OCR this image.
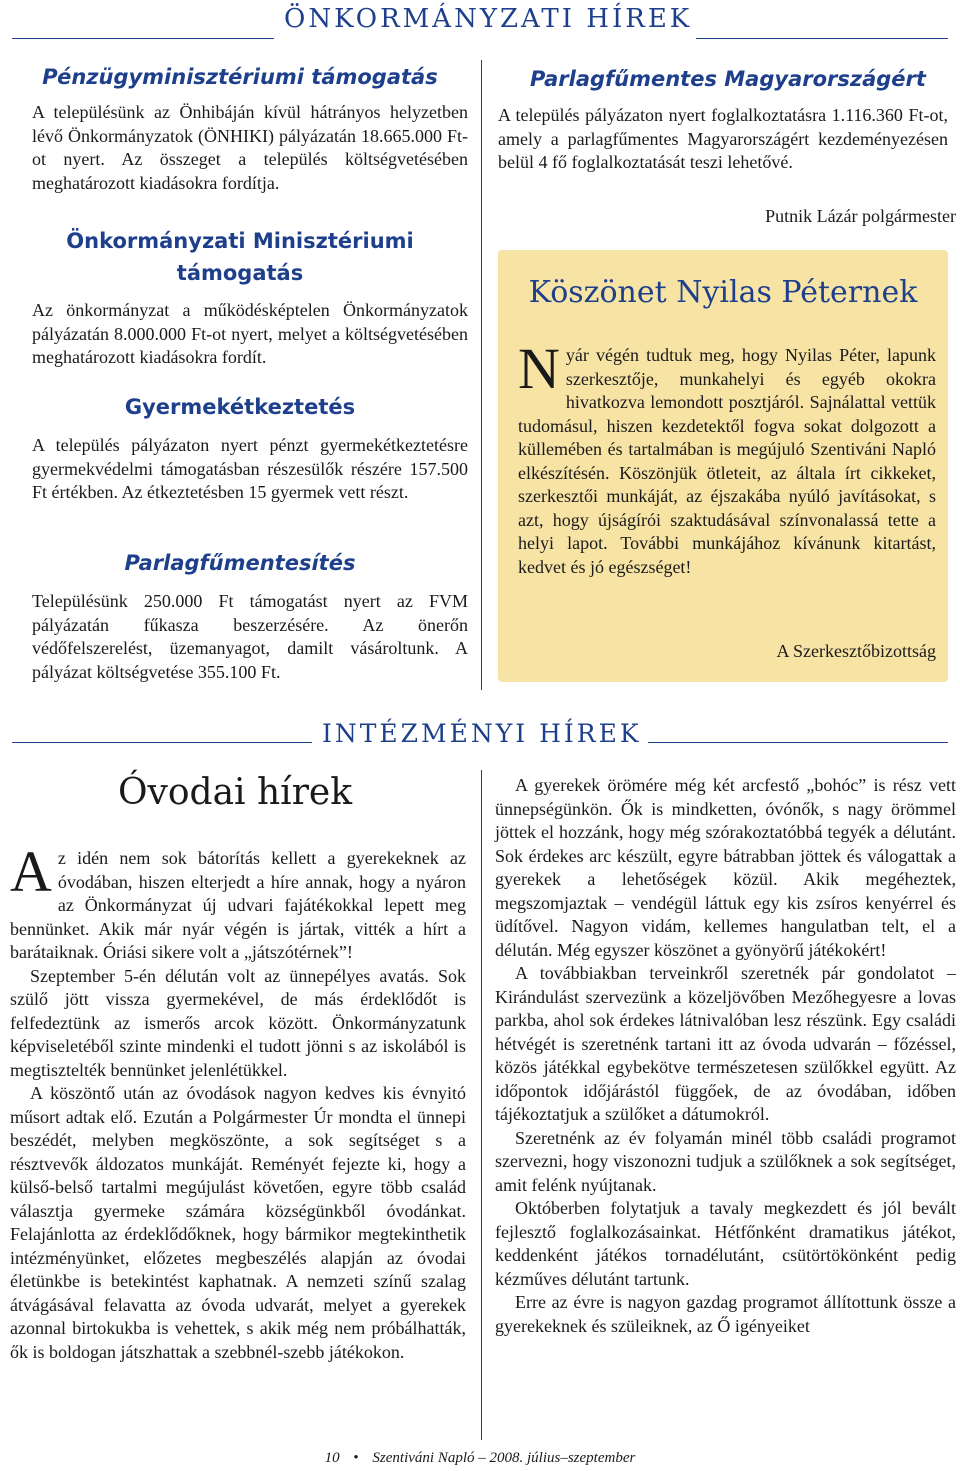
ÖNKORMÁNYZATI HÍREK
Pénzügyminisztériumi támogatás
A településünk az Önhibáján kívül hátrányos helyzetben lévő Önkormányzatok (ÖNHIKI) pályázatán 18.665.000 Ft-ot nyert. Az összeget a település költségvetésében meghatározott kiadásokra fordítja.
Önkormányzati Minisztériumi
támogatás
Az önkormányzat a működésképtelen Önkormányzatok pályázatán 8.000.000 Ft-ot nyert, melyet a költségvetésében meghatározott kiadásokra fordít.
Gyermekétkeztetés
A település pályázaton nyert pénzt gyermekétkeztetésre gyermekvédelmi támogatásban részesülők részére 157.500 Ft értékben. Az étkeztetésben 15 gyermek vett részt.
Parlagfűmentesítés
Településünk 250.000 Ft támogatást nyert az FVM pályázatán fűkasza beszerzésére. Az önerőn védőfelszerelést, üzemanyagot, damilt vásároltunk. A pályázat költségvetése 355.100 Ft.
Parlagfűmentes Magyarországért
A település pályázaton nyert foglalkoztatásra 1.116.360 Ft-ot, amely a parlagfűmentes Magyarországért kezdeményezésen belül 4 fő foglalkoztatását teszi lehetővé.
Putnik Lázár polgármester
Köszönet Nyilas Péternek
Nyár végén tudtuk meg, hogy Nyilas Péter, lapunk szerkesztője, munkahelyi és egyéb okokra hivatkozva lemondott posztjáról. Sajnálattal vettük tudomásul, hiszen kezdetektől fogva sokat dolgozott a küllemében és tartalmában is megújuló Szentiváni Napló elkészítésén. Köszönjük ötleteit, az általa írt cikkeket, szerkesztői munkáját, az éjszakába nyúló javításokat, s azt, hogy újságírói szaktudásával színvonalassá tette a helyi lapot. További munkájához kívánunk kitartást, kedvet és jó egészséget!
A Szerkesztőbizottság
INTÉZMÉNYI HÍREK
Óvodai hírek

Az idén nem sok bátorítás kellett a gyerekeknek az óvodában, hiszen elterjedt a híre annak, hogy a nyáron az Önkormányzat új udvari fajátékokkal lepett meg bennünket. Akik már nyár végén is jártak, vitték a hírt a barátaiknak. Óriási sikere volt a „játszótérnek”!

Szeptember 5-én délután volt az ünnepélyes avatás. Sok szülő jött vissza gyermekével, de más érdeklődőt is felfedeztünk az ismerős arcok között. Önkormányzatunk képviseletéből szinte mindenki el tudott jönni s az iskolából is megtisztelték bennünket jelenlétükkel.

A köszöntő után az óvodások nagyon kedves kis évnyitó műsort adtak elő. Ezután a Polgármester Úr mondta el ünnepi beszédét, melyben megköszönte, a sok segítséget s a résztvevők áldozatos munkáját. Reményét fejezte ki, hogy a külső-belső tartalmi megújulást követően, egyre több család választja gyermeke számára községünkből óvodánkat. Felajánlotta az érdeklődőknek, hogy bármikor megtekinthetik intézményünket, előzetes megbeszélés alapján az óvodai életünkbe is betekintést kaphatnak. A nemzeti színű szalag átvágásával felavatta az óvoda udvarát, melyet a gyerekek azonnal birtokukba is vehettek, s akik még nem próbálhatták, ők is boldogan játszhattak a szebbnél-szebb játékokon.

A gyerekek örömére még két arcfestő „bohóc” is rész vett ünnepségünkön. Ők is mindketten, óvónők, s nagy örömmel jöttek el hozzánk, hogy még szórakoztatóbbá tegyék a délutánt. Sok érdekes arc készült, egyre bátrabban jöttek és válogattak a gyerekek a lehetőségek közül. Akik megéheztek, megszomjaztak – vendégül láttuk egy kis zsíros kenyérrel és üdítővel. Nagyon vidám, kellemes hangulatban telt, el a délután. Még egyszer köszönet a gyönyörű játékokért!

A továbbiakban terveinkről szeretnék pár gondolatot – Kirándulást szervezünk a közeljövőben Mezőhegyesre a lovas parkba, ahol sok érdekes látnivalóban lesz részünk. Egy családi hétvégét is szeretnénk tartani itt az óvoda udvarán – főzéssel, közös játékkal egybekötve természetesen szülőkkel együtt. Az időpontok időjárástól függőek, de az óvodában, időben tájékoztatjuk a szülőket a dátumokról.

Szeretnénk az év folyamán minél több családi programot szervezni, hogy viszonozni tudjuk a szülőknek a sok segítséget, amit felénk nyújtanak.

Októberben folytatjuk a tavaly megkezdett és jól bevált fejlesztő foglalkozásainkat. Hétfőnként dramatikus játékot, keddenként játékos tornadélutánt, csütörtökönként pedig kézműves délutánt tartunk.

Erre az évre is nagyon gazdag programot állítottunk össze a gyerekeknek és szüleiknek, az Ő igényeiket

10 • Szentiváni Napló – 2008. július–szeptember
